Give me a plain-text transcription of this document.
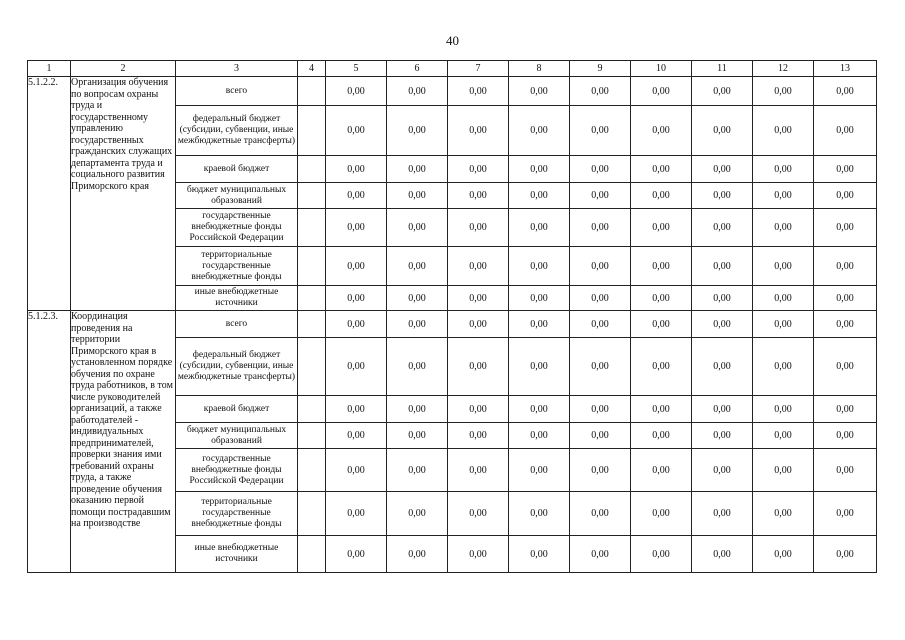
40
1	2	3	4	5	6	7	8	9	10	11	12	13
5.1.2.2.	Организация обучения по вопросам охраны труда и государственному управлению государственных гражданских служащих департамента труда и социального развития Приморского края	всего		0,00	0,00	0,00	0,00	0,00	0,00	0,00	0,00	0,00
		федеральный бюджет (субсидии, субвенции, иные межбюджетные трансферты)		0,00	0,00	0,00	0,00	0,00	0,00	0,00	0,00	0,00
		краевой бюджет		0,00	0,00	0,00	0,00	0,00	0,00	0,00	0,00	0,00
		бюджет муниципальных образований		0,00	0,00	0,00	0,00	0,00	0,00	0,00	0,00	0,00
		государственные внебюджетные фонды Российской Федерации		0,00	0,00	0,00	0,00	0,00	0,00	0,00	0,00	0,00
		территориальные государственные внебюджетные фонды		0,00	0,00	0,00	0,00	0,00	0,00	0,00	0,00	0,00
		иные внебюджетные источники		0,00	0,00	0,00	0,00	0,00	0,00	0,00	0,00	0,00
5.1.2.3.	Координация проведения на территории Приморского края в установленном порядке обучения по охране труда работников, в том числе руководителей организаций, а также работодателей - индивидуальных предпринимателей, проверки знания ими требований охраны труда, а также проведение обучения оказанию первой помощи пострадавшим на производстве	всего		0,00	0,00	0,00	0,00	0,00	0,00	0,00	0,00	0,00
		федеральный бюджет (субсидии, субвенции, иные межбюджетные трансферты)		0,00	0,00	0,00	0,00	0,00	0,00	0,00	0,00	0,00
		краевой бюджет		0,00	0,00	0,00	0,00	0,00	0,00	0,00	0,00	0,00
		бюджет муниципальных образований		0,00	0,00	0,00	0,00	0,00	0,00	0,00	0,00	0,00
		государственные внебюджетные фонды Российской Федерации		0,00	0,00	0,00	0,00	0,00	0,00	0,00	0,00	0,00
		территориальные государственные внебюджетные фонды		0,00	0,00	0,00	0,00	0,00	0,00	0,00	0,00	0,00
		иные внебюджетные источники		0,00	0,00	0,00	0,00	0,00	0,00	0,00	0,00	0,00
